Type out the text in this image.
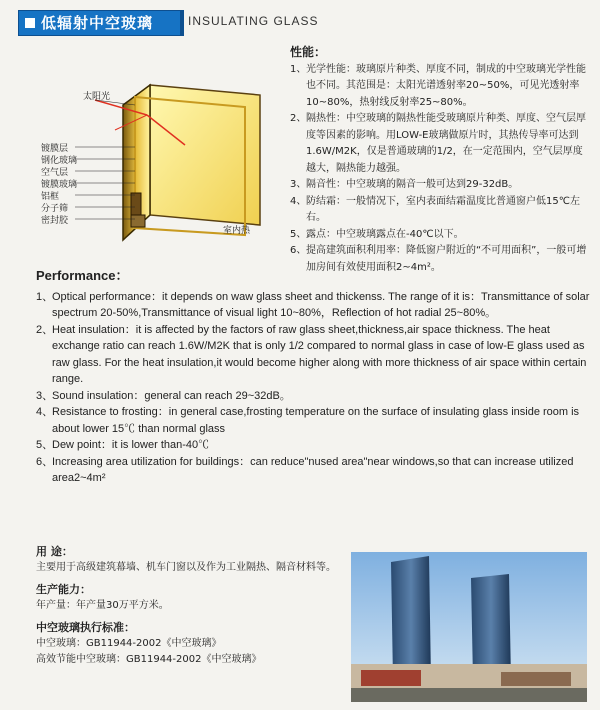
低辐射中空玻璃	INSULATING GLASS
太阳光
室内热
镀膜层
钢化玻璃
空气层
镀膜玻璃
铝框
分子筛
密封胶
性能：
1、 光学性能：玻璃原片种类、厚度不同，制成的中空玻璃光学性能也不同。其范围是：太阳光谱透射率20~50%，可见光透射率10~80%，热射线反射率25~80%。
2、 隔热性：中空玻璃的隔热性能受玻璃原片种类、厚度、空气层厚度等因素的影响。用LOW-E玻璃做原片时，其热传导率可达到1.6W/M2K，仅是普通玻璃的1/2，在一定范围内，空气层厚度越大，隔热能力越强。
3、 隔音性：中空玻璃的隔音一般可达到29-32dB。
4、 防结霜：一般情况下，室内表面结霜温度比普通窗户低15℃左右。
5、 露点：中空玻璃露点在-40℃以下。
6、 提高建筑面积利用率：降低窗户附近的“不可用面积”，一般可增加房间有效使用面积2~4m²。
Performance：
1、
Optical performance：it depends on waw glass sheet and thickenss. The range of it is：Transmittance of solar spectrum 20-50%,Transmittance of visual light 10~80%，Reflection of hot radial 25~80%。
2、
Heat insulation：it is affected by the factors of raw glass sheet,thickness,air space thickness. The heat exchange ratio can reach 1.6W/M2K that is only 1/2 compared to normal glass in case of low-E glass used as raw glass. For the heat insulation,it would become higher along with more thickness of air space within certain range.
3、
Sound insulation：general can reach 29~32dB。
4、
Resistance to frosting：in general case,frosting temperature on the surface of insulating glass inside room is about lower 15℃ than normal glass
5、
Dew point：it is lower than-40℃
6、
Increasing area utilization for buildings：can reduce"nused area"near windows,so that can increase utilized area2~4m²
用 途：
主要用于高级建筑幕墙、机车门窗以及作为工业隔热、隔音材料等。
生产能力：
年产量：年产量30万平方米。
中空玻璃执行标准：
中空玻璃：GB11944-2002《中空玻璃》
高效节能中空玻璃：GB11944-2002《中空玻璃》
